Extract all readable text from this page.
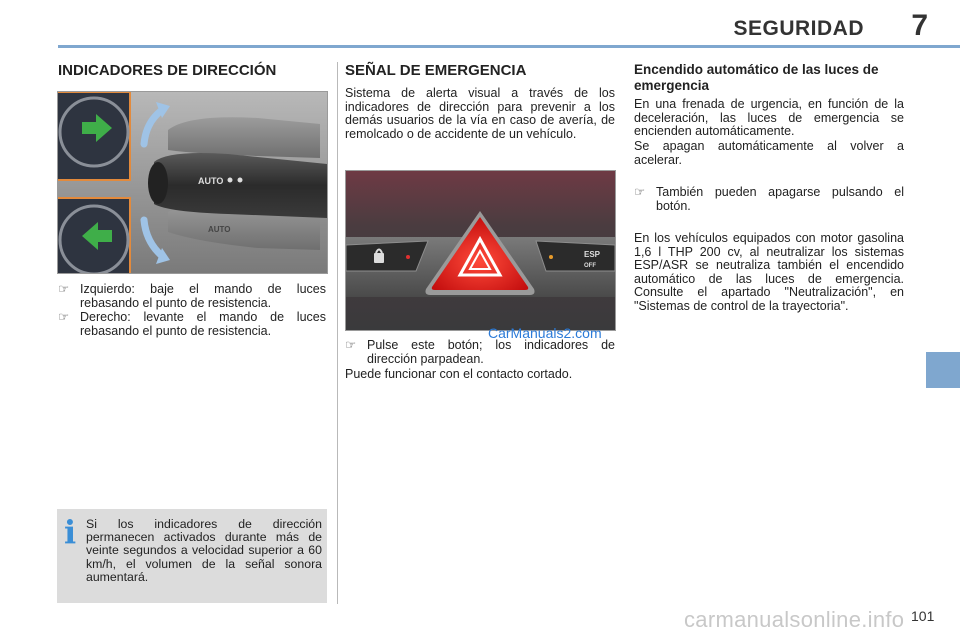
SEGURIDAD 7
INDICADORES DE DIRECCIÓN
AUTO
AUTO
☞ Izquierdo: baje el mando de luces rebasando el punto de resistencia.
☞ Derecho: levante el mando de luces rebasando el punto de resistencia.
i Si los indicadores de dirección permanecen activados durante más de veinte segundos a velocidad superior a 60 km/h, el volumen de la señal sonora aumentará.
SEÑAL DE EMERGENCIA

Sistema de alerta visual a través de los indicadores de dirección para prevenir a los demás usuarios de la vía en caso de avería, de remolcado o de accidente de un vehículo.

ESP
OFF
CarManuals2.com
☞ Pulse este botón; los indicadores de dirección parpadean.

Puede funcionar con el contacto cortado.

Encendido automático de las luces de emergencia

En una frenada de urgencia, en función de la deceleración, las luces de emergencia se encienden automáticamente.

Se apagan automáticamente al volver a acelerar.

☞ También pueden apagarse pulsando el botón.

En los vehículos equipados con motor gasolina 1,6 l THP 200 cv, al neutralizar los sistemas ESP/ASR se neutraliza también el encendido automático de las luces de emergencia. Consulte el apartado "Neutralización", en "Sistemas de control de la trayectoria".

carmanualsonline.info 101
